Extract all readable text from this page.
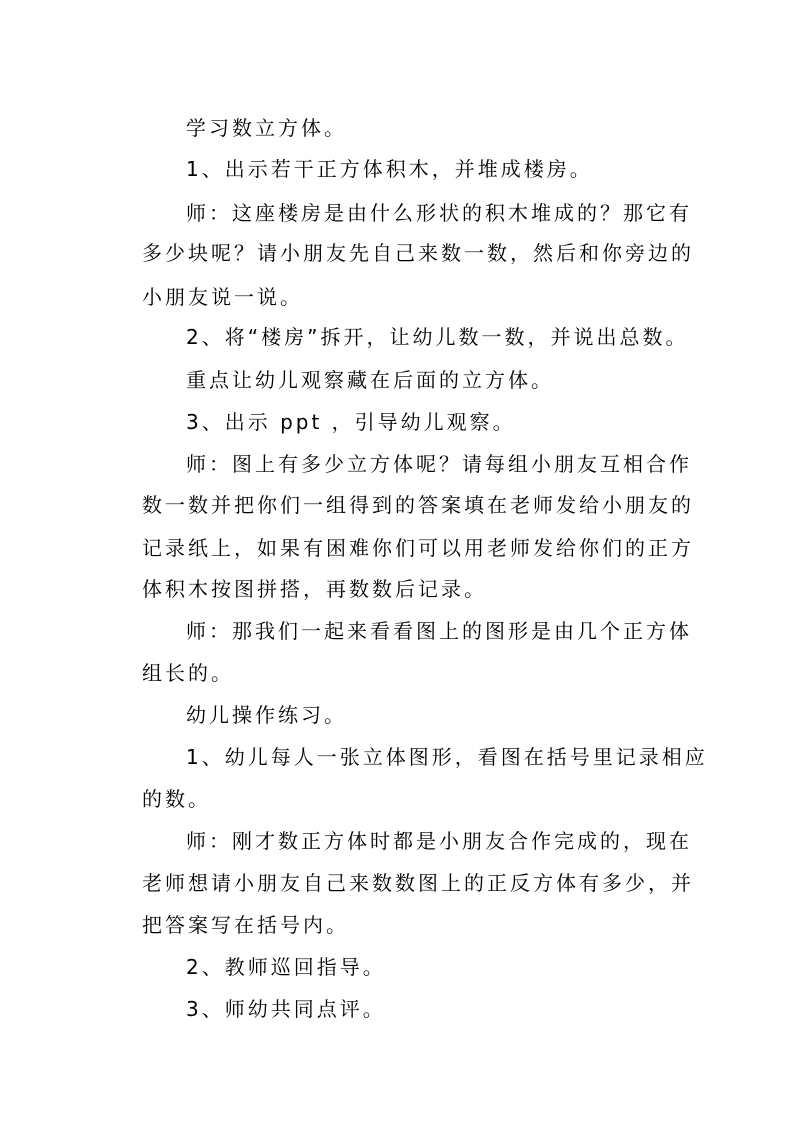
学习数立方体。
1、出示若干正方体积木，并堆成楼房。
师：这座楼房是由什么形状的积木堆成的？那它有
多少块呢？请小朋友先自己来数一数，然后和你旁边的
小朋友说一说。
2、将“楼房”拆开，让幼儿数一数，并说出总数。
重点让幼儿观察藏在后面的立方体。
3、出示 ppt ，引导幼儿观察。
师：图上有多少立方体呢？请每组小朋友互相合作
数一数并把你们一组得到的答案填在老师发给小朋友的
记录纸上，如果有困难你们可以用老师发给你们的正方
体积木按图拼搭，再数数后记录。
师：那我们一起来看看图上的图形是由几个正方体
组长的。
幼儿操作练习。
1、幼儿每人一张立体图形，看图在括号里记录相应
的数。
师：刚才数正方体时都是小朋友合作完成的，现在
老师想请小朋友自己来数数图上的正反方体有多少，并
把答案写在括号内。
2、教师巡回指导。
3、师幼共同点评。
